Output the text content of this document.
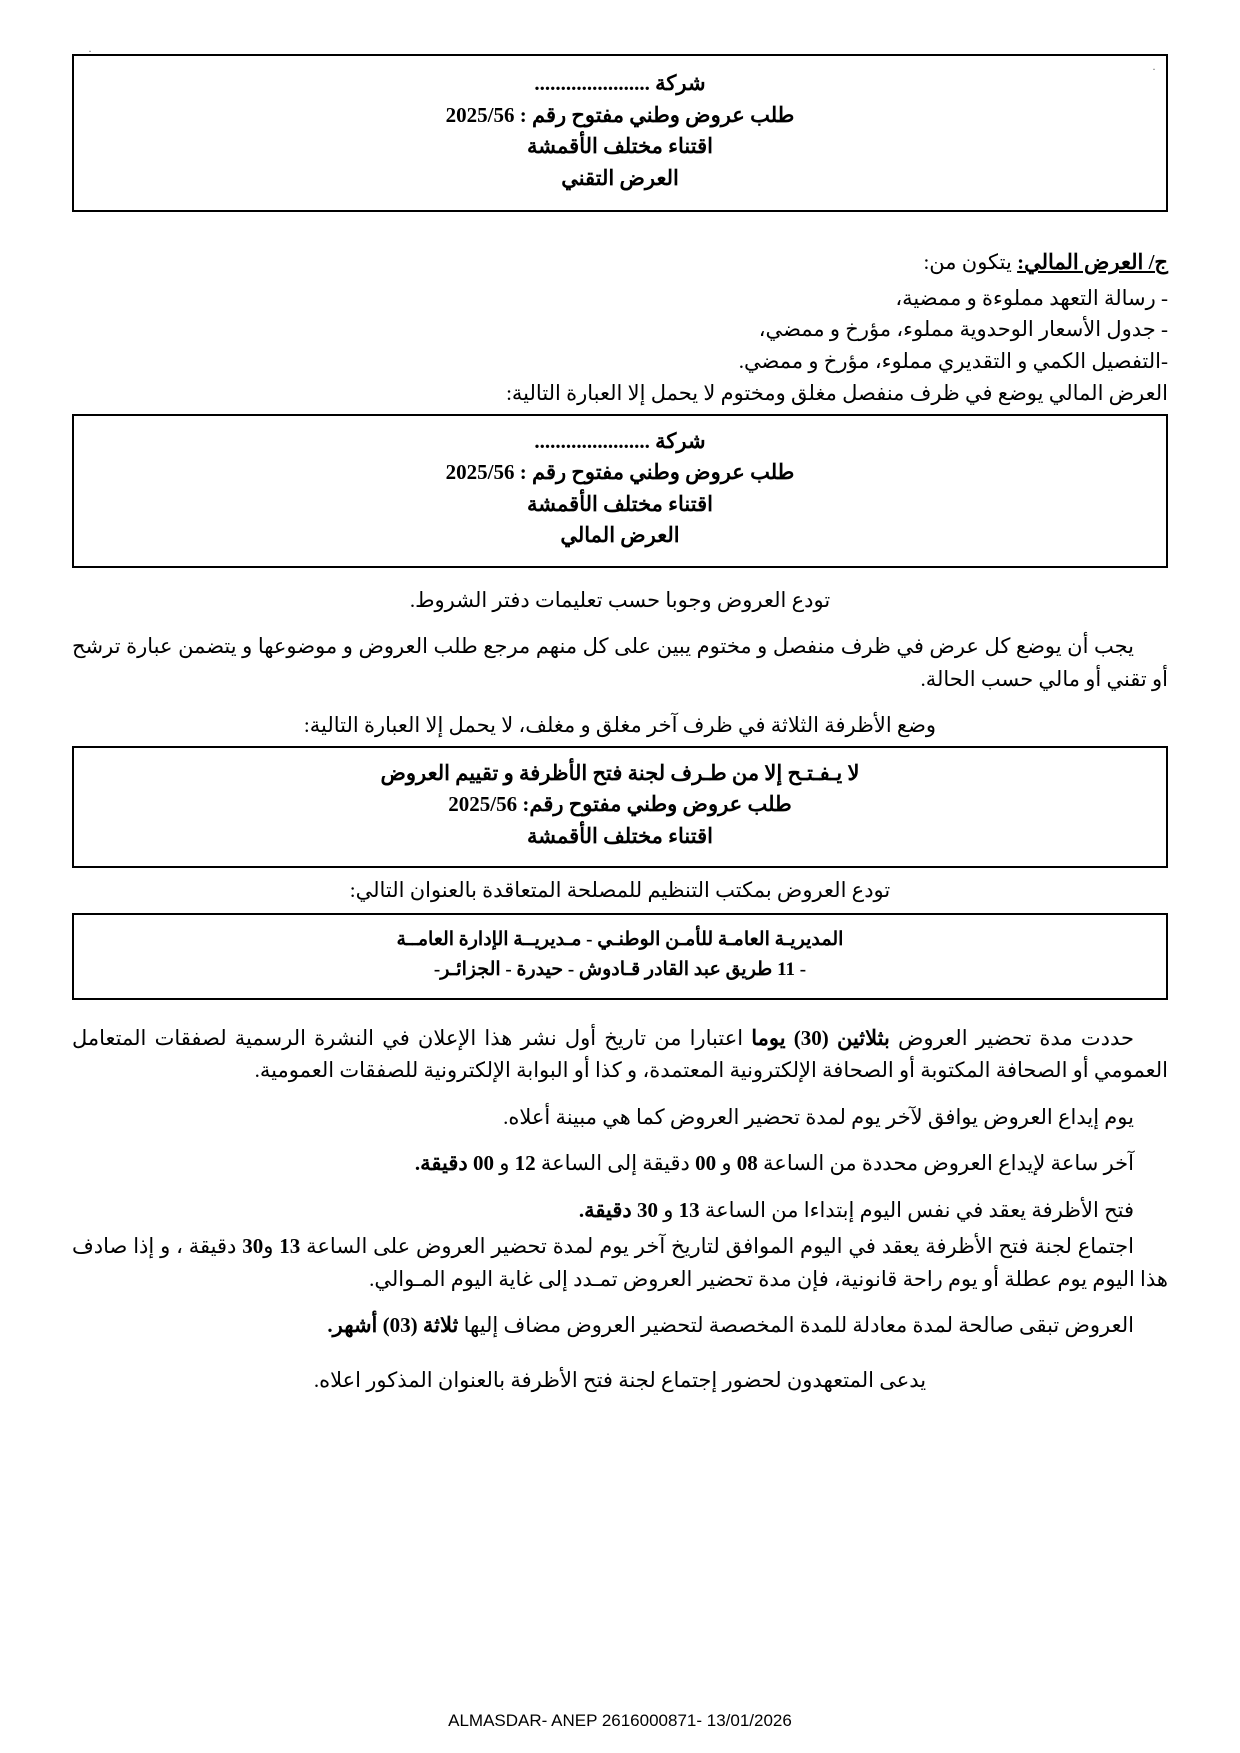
·
·
شركة ......................
طلب عروض وطني مفتوح رقم : 2025/56
اقتناء مختلف الأقمشة
العرض التقني

ج/ العرض المالي: يتكون من:

- رسالة التعهد مملوءة و ممضية،

- جدول الأسعار الوحدوية مملوء، مؤرخ و ممضي،

-التفصيل الكمي و التقديري مملوء، مؤرخ و ممضي.

العرض المالي يوضع في ظرف منفصل مغلق ومختوم لا يحمل إلا العبارة التالية:

شركة ......................
طلب عروض وطني مفتوح رقم : 2025/56
اقتناء مختلف الأقمشة
العرض المالي

تودع العروض وجوبا حسب تعليمات دفتر الشروط.

يجب أن يوضع كل عرض في ظرف منفصل و مختوم يبين على كل منهم مرجع طلب العروض و موضوعها و يتضمن عبارة ترشح أو تقني أو مالي حسب الحالة.

وضع الأظرفة الثلاثة في ظرف آخر مغلق و مغلف، لا يحمل إلا العبارة التالية:

لا يـفـتـح إلا من طـرف لجنة فتح الأظرفة و تقييم العروض
طلب عروض وطني مفتوح رقم: 2025/56
اقتناء مختلف الأقمشة

تودع العروض بمكتب التنظيم للمصلحة المتعاقدة بالعنوان التالي:

المديريـة العامـة للأمـن الوطنـي - مـديريــة الإدارة العامــة
- 11 طريق عبد القادر قـادوش - حيدرة - الجزائـر-

حددت مدة تحضير العروض بثلاثين (30) يوما اعتبارا من تاريخ أول نشر هذا الإعلان في النشرة الرسمية لصفقات المتعامل العمومي أو الصحافة المكتوبة أو الصحافة الإلكترونية المعتمدة، و كذا أو البوابة الإلكترونية للصفقات العمومية.

يوم إيداع العروض يوافق لآخر يوم لمدة تحضير العروض كما هي مبينة أعلاه.

آخر ساعة لإيداع العروض محددة من الساعة 08 و 00 دقيقة إلى الساعة 12 و 00 دقيقة.

فتح الأظرفة يعقد في نفس اليوم إبتداءا من الساعة 13 و 30 دقيقة.

اجتماع لجنة فتح الأظرفة يعقد في اليوم الموافق لتاريخ آخر يوم لمدة تحضير العروض على الساعة 13 و30 دقيقة ، و إذا صادف هذا اليوم يوم عطلة أو يوم راحة قانونية، فإن مدة تحضير العروض تمـدد إلى غاية اليوم المـوالي.

العروض تبقى صالحة لمدة معادلة للمدة المخصصة لتحضير العروض مضاف إليها ثلاثة (03) أشهر.

يدعى المتعهدون لحضور إجتماع لجنة فتح الأظرفة بالعنوان المذكور اعلاه.

ALMASDAR- ANEP 2616000871- 13/01/2026
